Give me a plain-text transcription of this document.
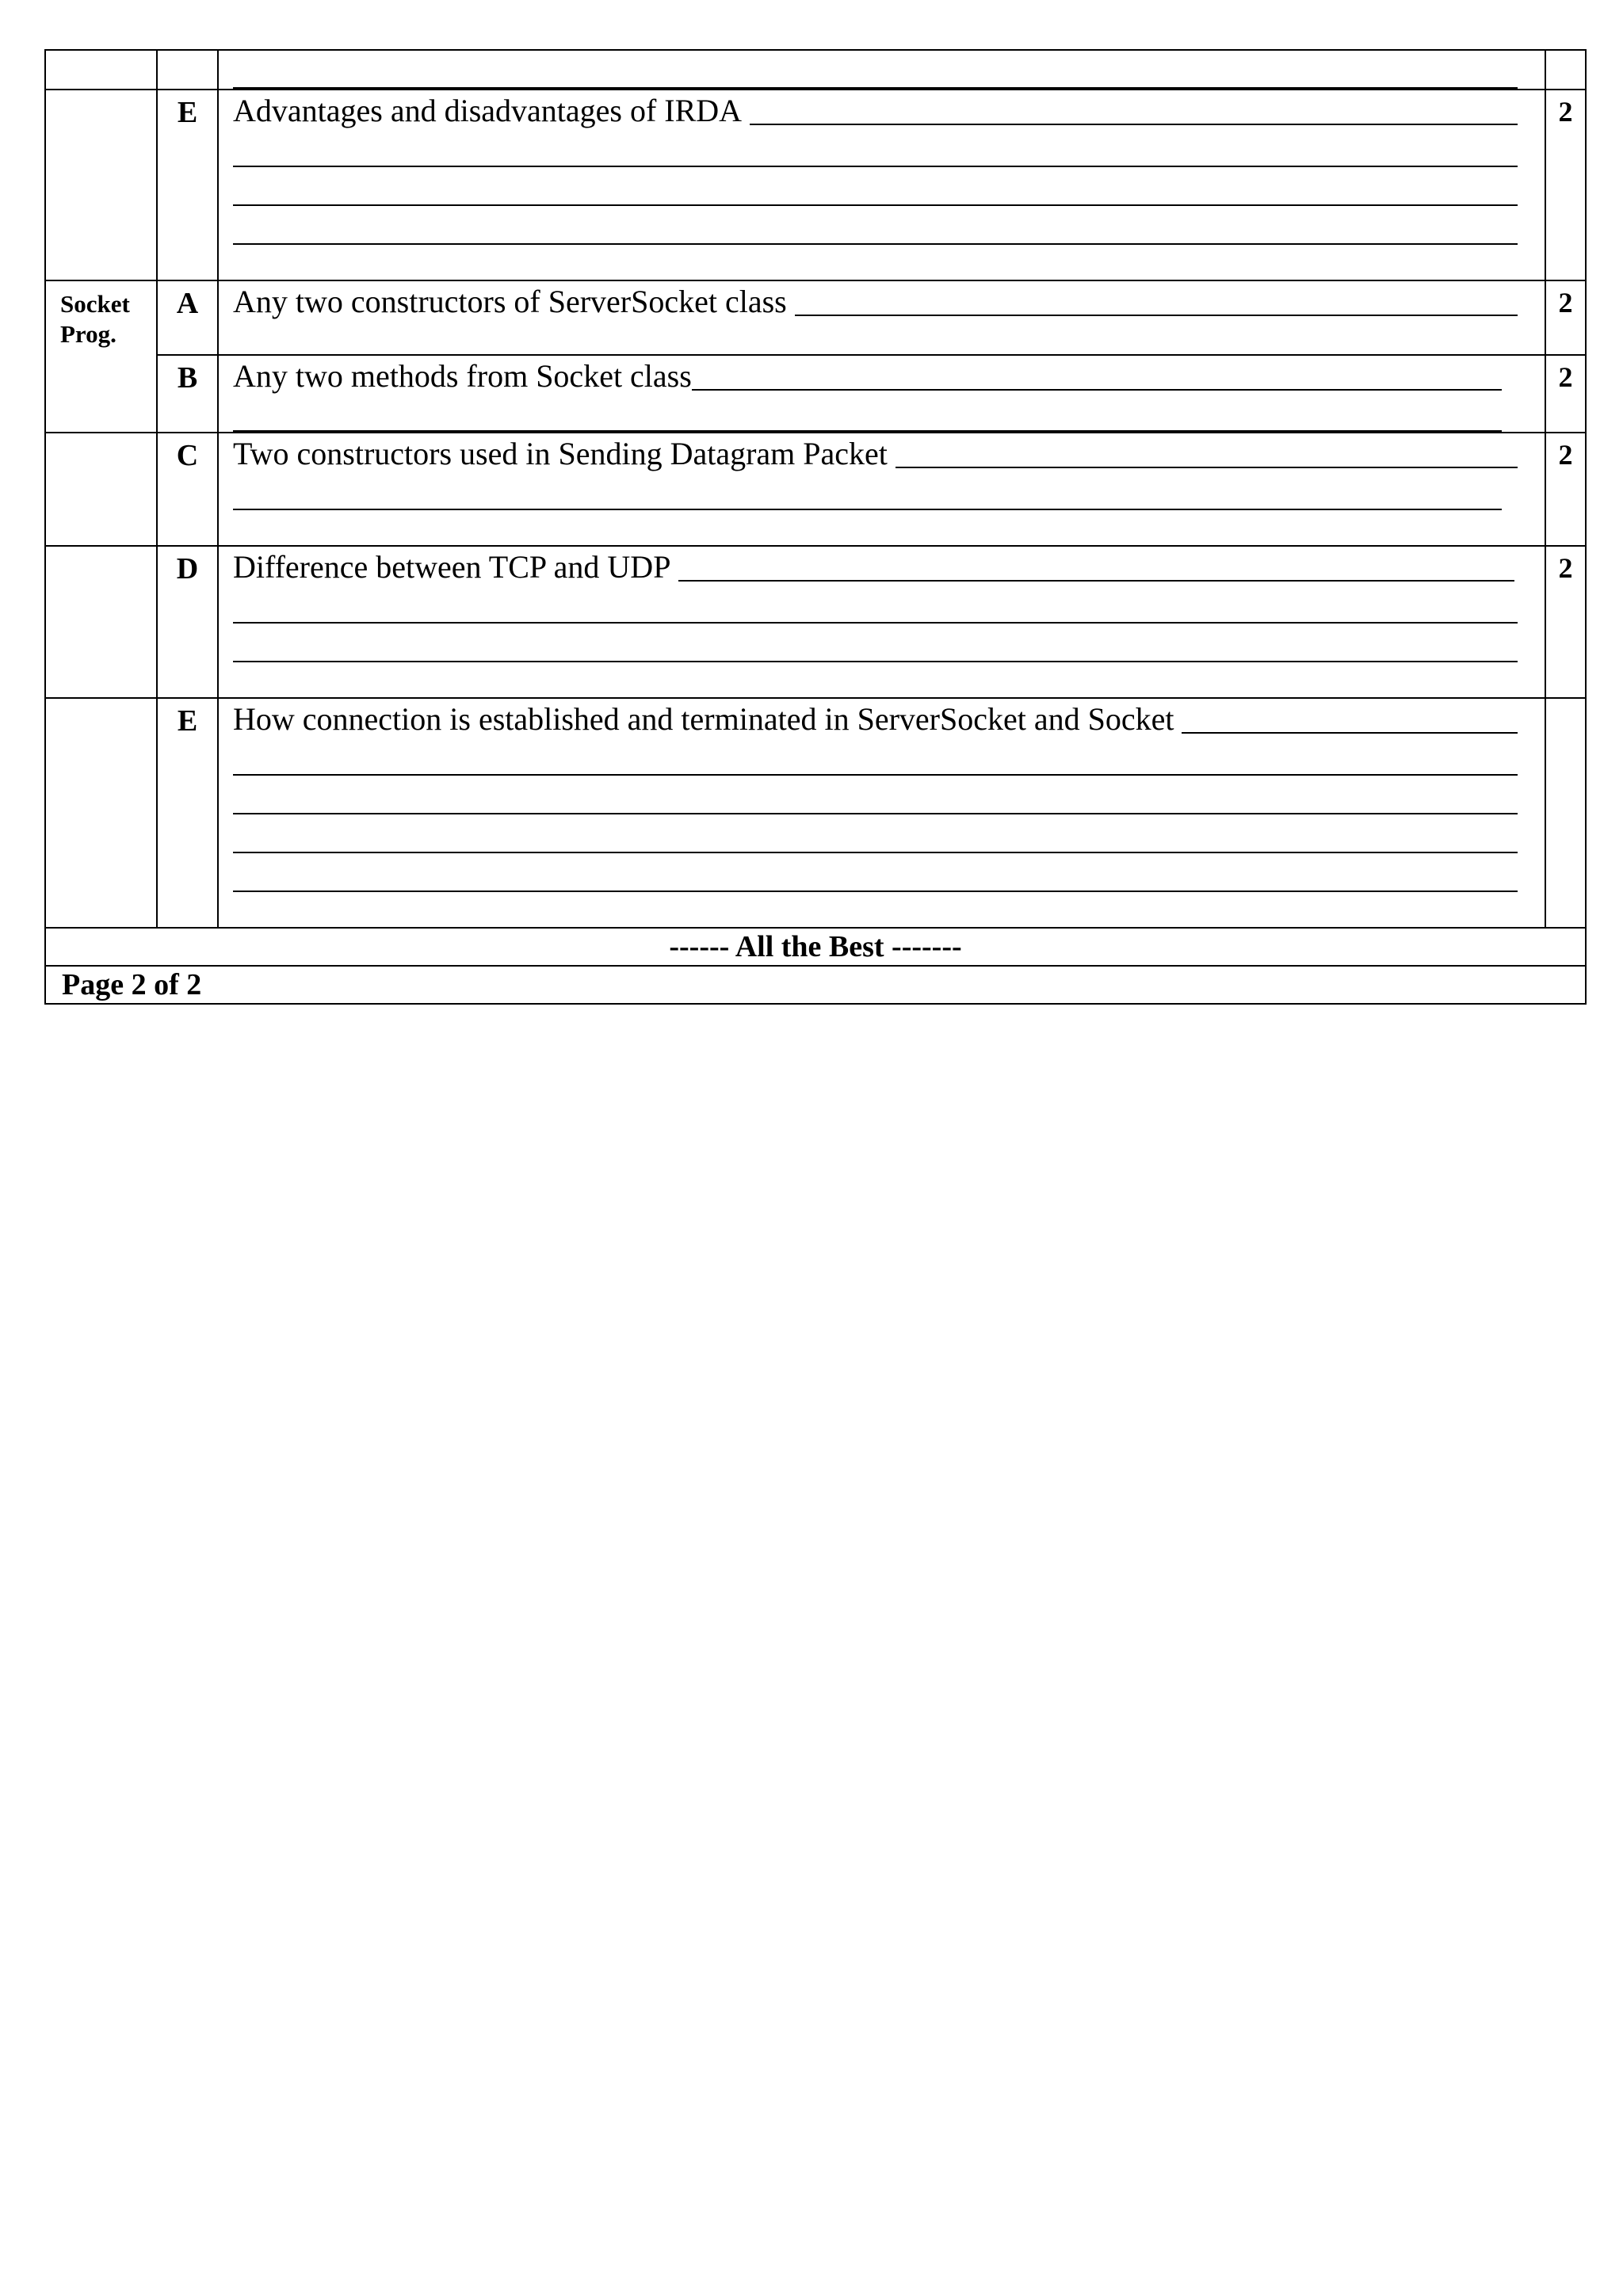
	E	Advantages and disadvantages of IRDA	2
Socket Prog.	A	Any two constructors of ServerSocket class	2
	B	Any two methods from Socket class	2
	C	Two constructors used in Sending Datagram Packet	2
	D	Difference between TCP and UDP	2
	E	How connection is established and terminated in ServerSocket and Socket	

------ All the Best -------			
Page 2 of 2			
